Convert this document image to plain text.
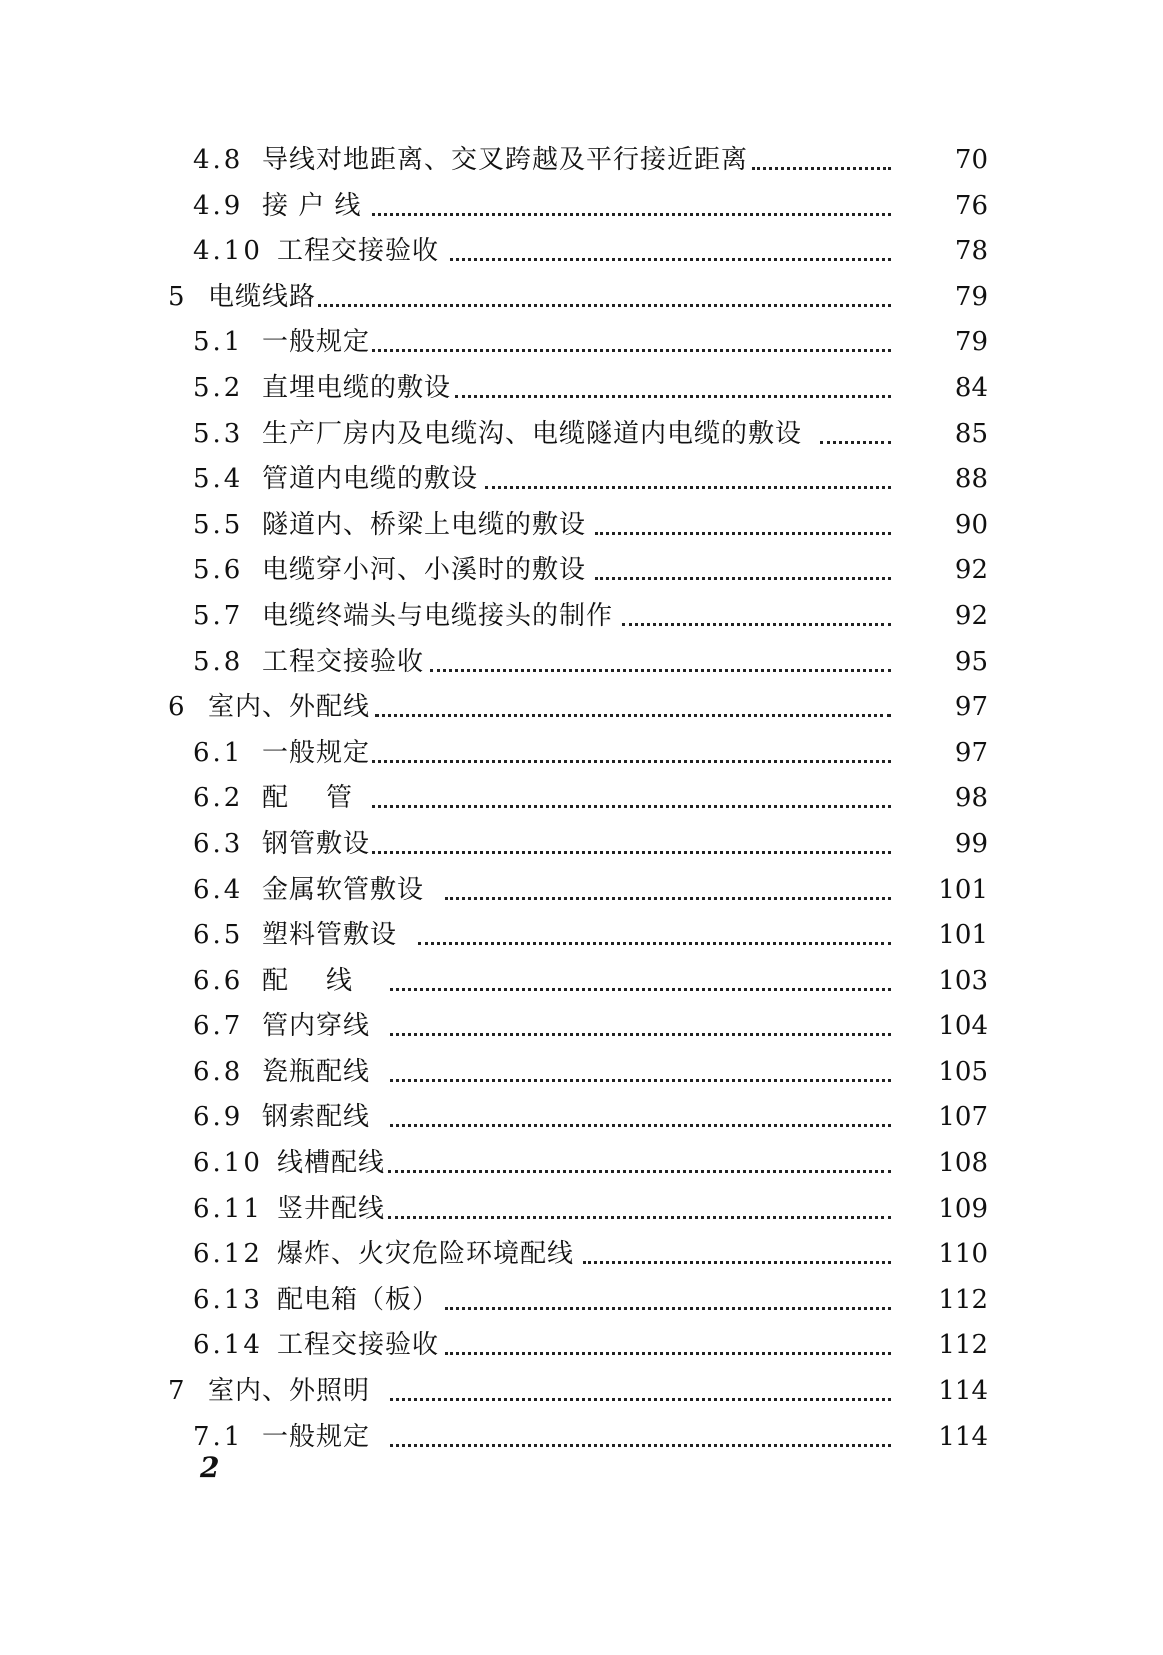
4.8 导线对地距离、交叉跨越及平行接近距离	70
4.9 接 户 线	76
4.10 工程交接验收	78
5 电缆线路	79
5.1 一般规定	79
5.2 直埋电缆的敷设	84
5.3 生产厂房内及电缆沟、电缆隧道内电缆的敷设	85
5.4 管道内电缆的敷设	88
5.5 隧道内、桥梁上电缆的敷设	90
5.6 电缆穿小河、小溪时的敷设	92
5.7 电缆终端头与电缆接头的制作	92
5.8 工程交接验收	95
6 室内、外配线	97
6.1 一般规定	97
6.2 配    管	98
6.3 钢管敷设	99
6.4 金属软管敷设	101
6.5 塑料管敷设	101
6.6 配    线	103
6.7 管内穿线	104
6.8 瓷瓶配线	105
6.9 钢索配线	107
6.10 线槽配线	108
6.11 竖井配线	109
6.12 爆炸、火灾危险环境配线	110
6.13 配电箱（板）	112
6.14 工程交接验收	112
7 室内、外照明	114
7.1 一般规定	114
2
